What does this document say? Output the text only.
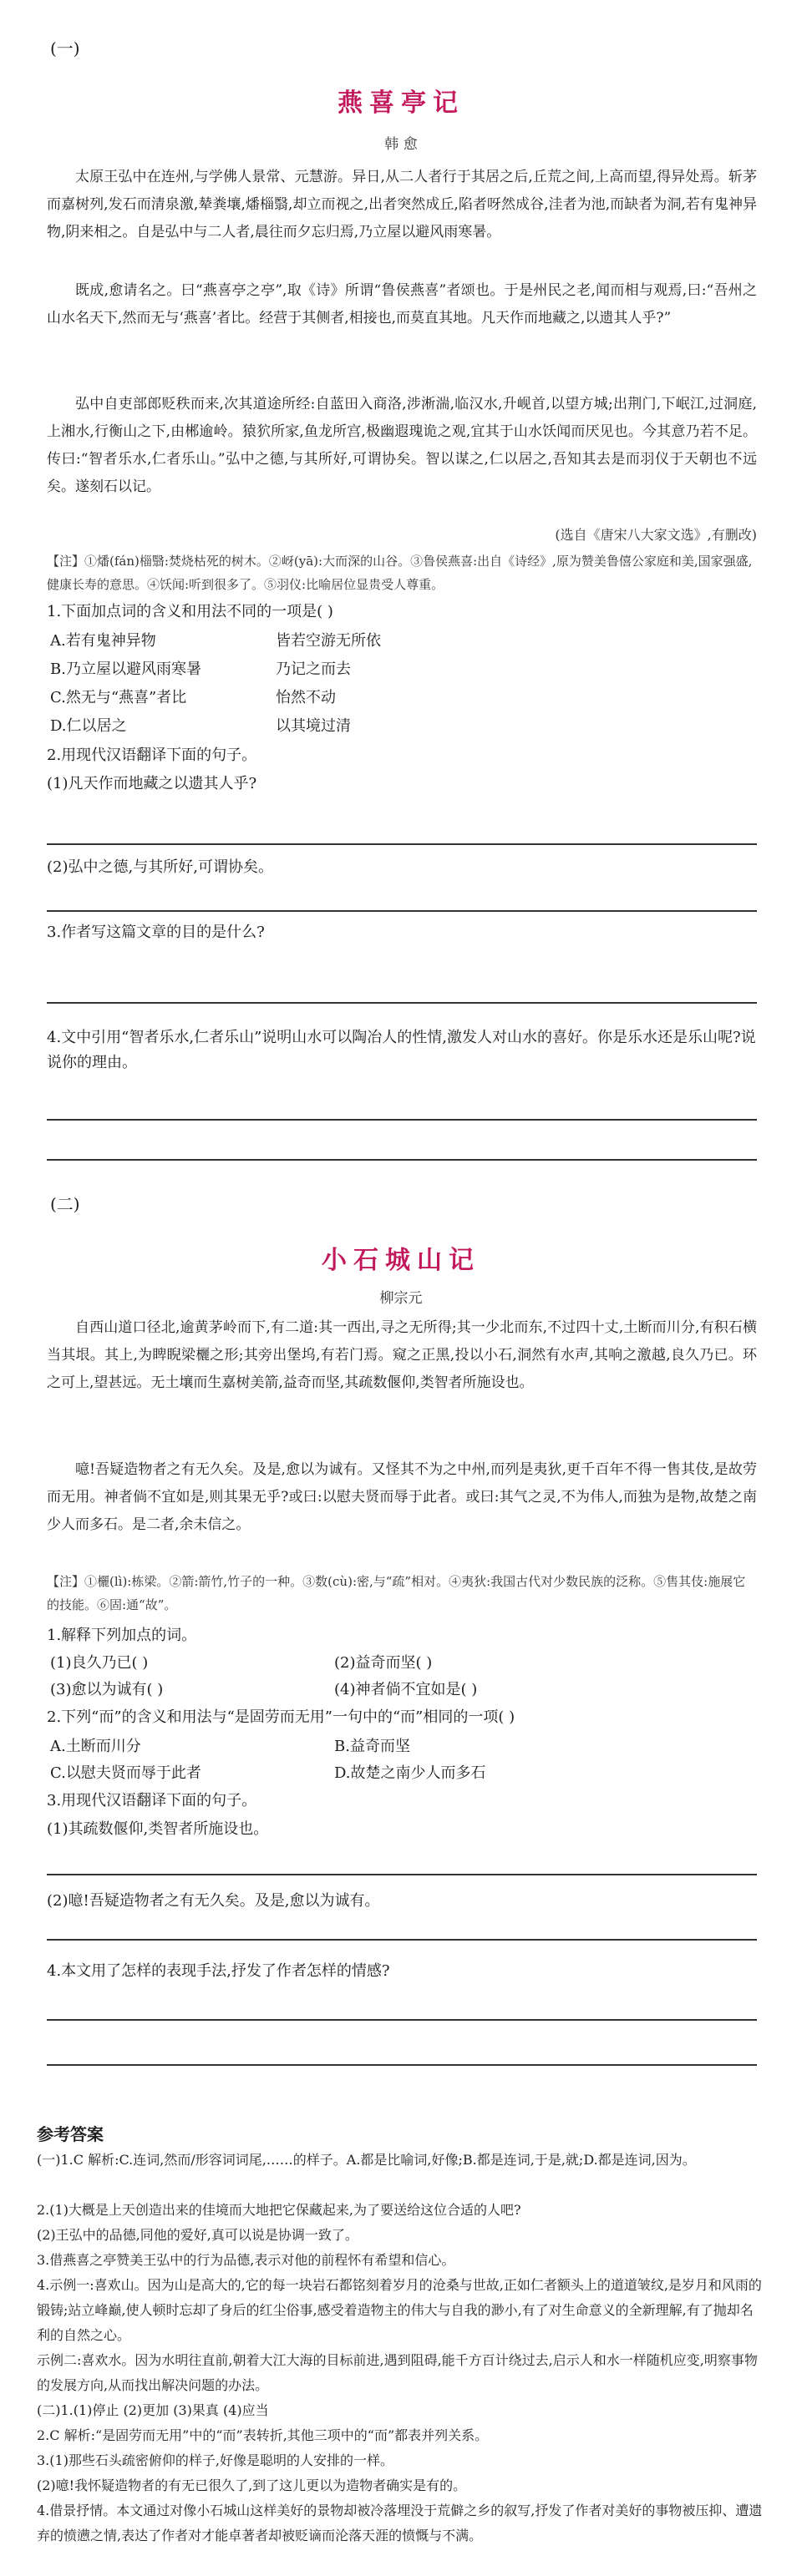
(一)
燕喜亭记
韩 愈

太原王弘中在连州,与学佛人景常、元慧游。异日,从二人者行于其居之后,丘荒之间,上高而望,得异处焉。斩茅而嘉树列,发石而清泉激,辇粪壤,燔椔翳,却立而视之,出者突然成丘,陷者呀然成谷,洼者为池,而缺者为洞,若有鬼神异物,阴来相之。自是弘中与二人者,晨往而夕忘归焉,乃立屋以避风雨寒暑。

既成,愈请名之。曰“燕喜亭之亭”,取《诗》所谓“鲁侯燕喜”者颂也。于是州民之老,闻而相与观焉,曰:“吾州之山水名天下,然而无与‘燕喜’者比。经营于其侧者,相接也,而莫直其地。凡天作而地藏之,以遗其人乎?”

弘中自吏部郎贬秩而来,次其道途所经:自蓝田入商洛,涉淅湍,临汉水,升岘首,以望方城;出荆门,下岷江,过洞庭,上湘水,行衡山之下,由郴逾岭。猿狖所家,鱼龙所宫,极幽遐瑰诡之观,宜其于山水饫闻而厌见也。今其意乃若不足。传曰:“智者乐水,仁者乐山。”弘中之德,与其所好,可谓协矣。智以谋之,仁以居之,吾知其去是而羽仪于天朝也不远矣。遂刻石以记。

(选自《唐宋八大家文选》,有删改)

【注】①燔(fán)椔翳:焚烧枯死的树木。②岈(yā):大而深的山谷。③鲁侯燕喜:出自《诗经》,原为赞美鲁僖公家庭和美,国家强盛,健康长寿的意思。④饫闻:听到很多了。⑤羽仪:比喻居位显贵受人尊重。

1.下面加点词的含义和用法不同的一项是( )

A.若有鬼神异物	皆若空游无所依
B.乃立屋以避风雨寒暑	乃记之而去
C.然无与“燕喜”者比	怡然不动
D.仁以居之	以其境过清

2.用现代汉语翻译下面的句子。

(1)凡天作而地藏之以遗其人乎?

(2)弘中之德,与其所好,可谓协矣。

3.作者写这篇文章的目的是什么?

4.文中引用“智者乐水,仁者乐山”说明山水可以陶冶人的性情,激发人对山水的喜好。你是乐水还是乐山呢?说说你的理由。

(二)
小石城山记
柳宗元

自西山道口径北,逾黄茅岭而下,有二道:其一西出,寻之无所得;其一少北而东,不过四十丈,土断而川分,有积石横当其垠。其上,为睥睨梁欐之形;其旁出堡坞,有若门焉。窥之正黑,投以小石,洞然有水声,其响之激越,良久乃已。环之可上,望甚远。无土壤而生嘉树美箭,益奇而坚,其疏数偃仰,类智者所施设也。

噫!吾疑造物者之有无久矣。及是,愈以为诚有。又怪其不为之中州,而列是夷狄,更千百年不得一售其伎,是故劳而无用。神者倘不宜如是,则其果无乎?或曰:以慰夫贤而辱于此者。或曰:其气之灵,不为伟人,而独为是物,故楚之南少人而多石。是二者,余未信之。

【注】①欐(lì):栋梁。②箭:箭竹,竹子的一种。③数(cù):密,与“疏”相对。④夷狄:我国古代对少数民族的泛称。⑤售其伎:施展它的技能。⑥固:通“故”。

1.解释下列加点的词。

(1)良久乃已( )	(2)益奇而坚( )
(3)愈以为诚有( )	(4)神者倘不宜如是( )

2.下列“而”的含义和用法与“是固劳而无用”一句中的“而”相同的一项( )

A.土断而川分	B.益奇而坚
C.以慰夫贤而辱于此者	D.故楚之南少人而多石

3.用现代汉语翻译下面的句子。

(1)其疏数偃仰,类智者所施设也。

(2)噫!吾疑造物者之有无久矣。及是,愈以为诚有。

4.本文用了怎样的表现手法,抒发了作者怎样的情感?

参考答案

(一)1.C 解析:C.连词,然而/形容词词尾,……的样子。A.都是比喻词,好像;B.都是连词,于是,就;D.都是连词,因为。

2.(1)大概是上天创造出来的佳境而大地把它保藏起来,为了要送给这位合适的人吧?

(2)王弘中的品德,同他的爱好,真可以说是协调一致了。

3.借燕喜之亭赞美王弘中的行为品德,表示对他的前程怀有希望和信心。

4.示例一:喜欢山。因为山是高大的,它的每一块岩石都铭刻着岁月的沧桑与世故,正如仁者额头上的道道皱纹,是岁月和风雨的锻铸;站立峰巅,使人顿时忘却了身后的红尘俗事,感受着造物主的伟大与自我的渺小,有了对生命意义的全新理解,有了抛却名利的自然之心。

示例二:喜欢水。因为水明往直前,朝着大江大海的目标前进,遇到阻碍,能千方百计绕过去,启示人和水一样随机应变,明察事物的发展方向,从而找出解决问题的办法。

(二)1.(1)停止 (2)更加 (3)果真 (4)应当

2.C 解析:“是固劳而无用”中的“而”表转折,其他三项中的“而”都表并列关系。

3.(1)那些石头疏密俯仰的样子,好像是聪明的人安排的一样。

(2)噫!我怀疑造物者的有无已很久了,到了这儿更以为造物者确实是有的。

4.借景抒情。本文通过对像小石城山这样美好的景物却被冷落埋没于荒僻之乡的叙写,抒发了作者对美好的事物被压抑、遭遗弃的愤懑之情,表达了作者对才能卓著者却被贬谪而沦落天涯的愤慨与不满。
